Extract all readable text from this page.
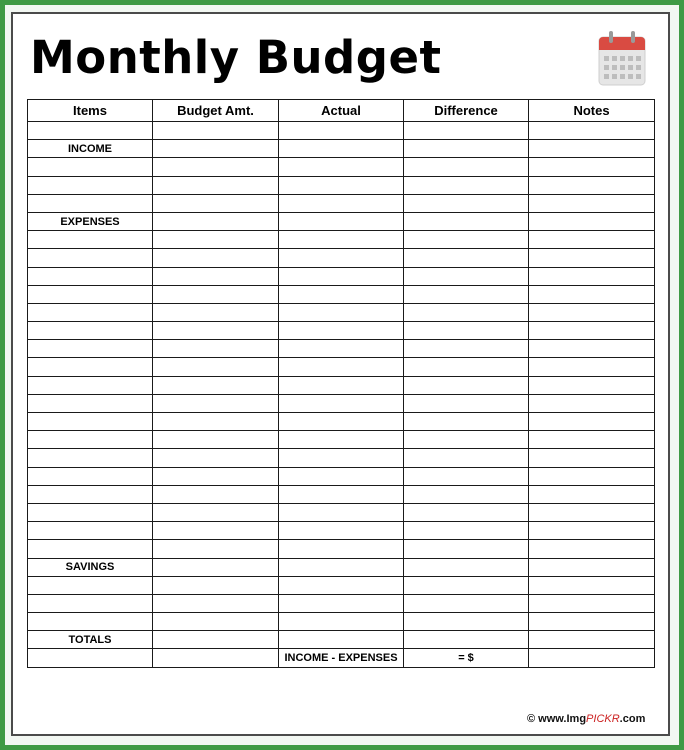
Monthly Budget
Items	Budget Amt.	Actual	Difference	Notes

INCOME				

EXPENSES				

SAVINGS				

TOTALS				
		INCOME - EXPENSES	= $	
© www.ImgPICKR.com
